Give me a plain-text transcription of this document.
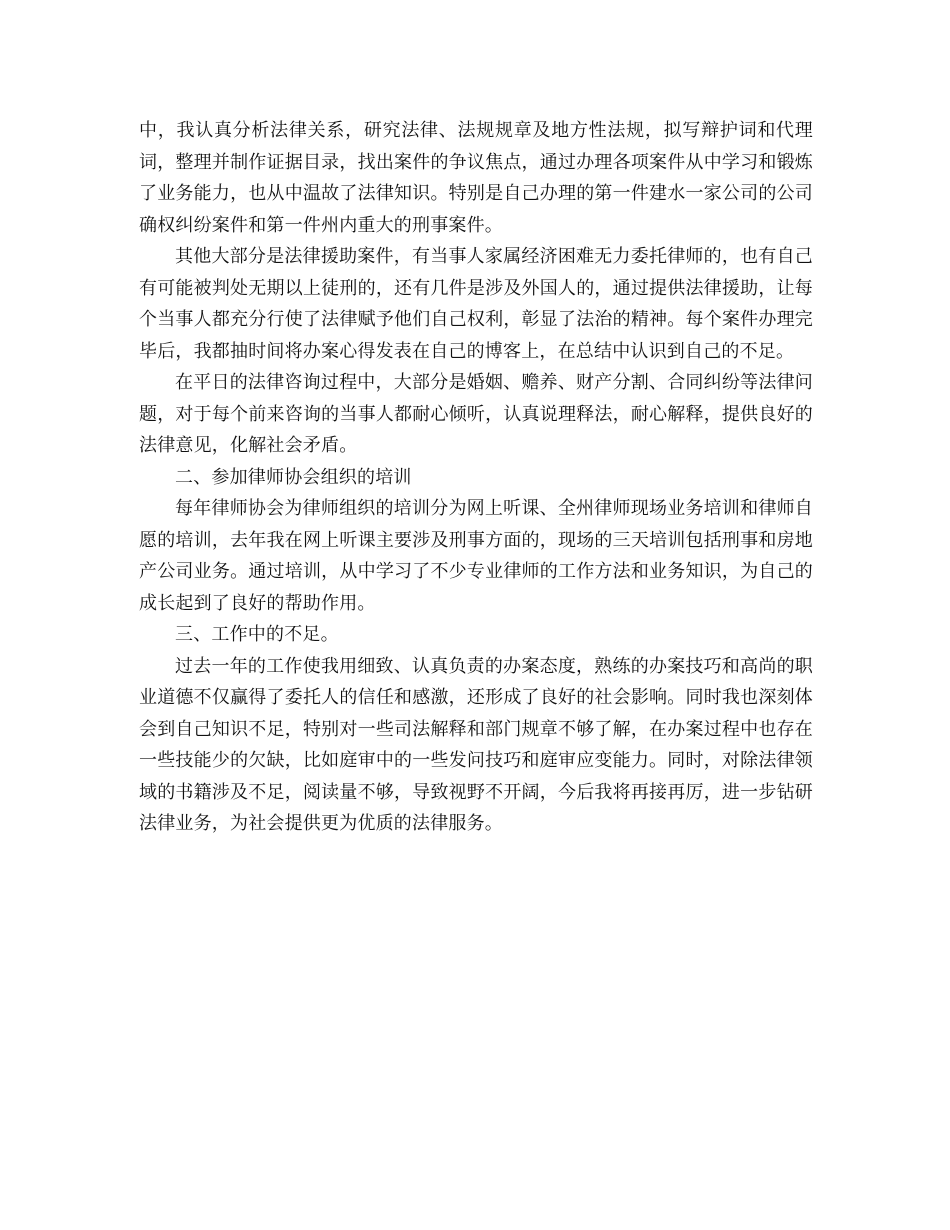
中，我认真分析法律关系，研究法律、法规规章及地方性法规，拟写辩护词和代理词，整理并制作证据目录，找出案件的争议焦点，通过办理各项案件从中学习和锻炼了业务能力，也从中温故了法律知识。特别是自己办理的第一件建水一家公司的公司确权纠纷案件和第一件州内重大的刑事案件。

其他大部分是法律援助案件，有当事人家属经济困难无力委托律师的，也有自己有可能被判处无期以上徒刑的，还有几件是涉及外国人的，通过提供法律援助，让每个当事人都充分行使了法律赋予他们自己权利，彰显了法治的精神。每个案件办理完毕后，我都抽时间将办案心得发表在自己的博客上，在总结中认识到自己的不足。

在平日的法律咨询过程中，大部分是婚姻、赡养、财产分割、合同纠纷等法律问题，对于每个前来咨询的当事人都耐心倾听，认真说理释法，耐心解释，提供良好的法律意见，化解社会矛盾。

二、参加律师协会组织的培训

每年律师协会为律师组织的培训分为网上听课、全州律师现场业务培训和律师自愿的培训，去年我在网上听课主要涉及刑事方面的，现场的三天培训包括刑事和房地产公司业务。通过培训，从中学习了不少专业律师的工作方法和业务知识，为自己的成长起到了良好的帮助作用。

三、工作中的不足。

过去一年的工作使我用细致、认真负责的办案态度，熟练的办案技巧和高尚的职业道德不仅赢得了委托人的信任和感激，还形成了良好的社会影响。同时我也深刻体会到自己知识不足，特别对一些司法解释和部门规章不够了解，在办案过程中也存在一些技能少的欠缺，比如庭审中的一些发问技巧和庭审应变能力。同时，对除法律领域的书籍涉及不足，阅读量不够，导致视野不开阔，今后我将再接再厉，进一步钻研法律业务，为社会提供更为优质的法律服务。
